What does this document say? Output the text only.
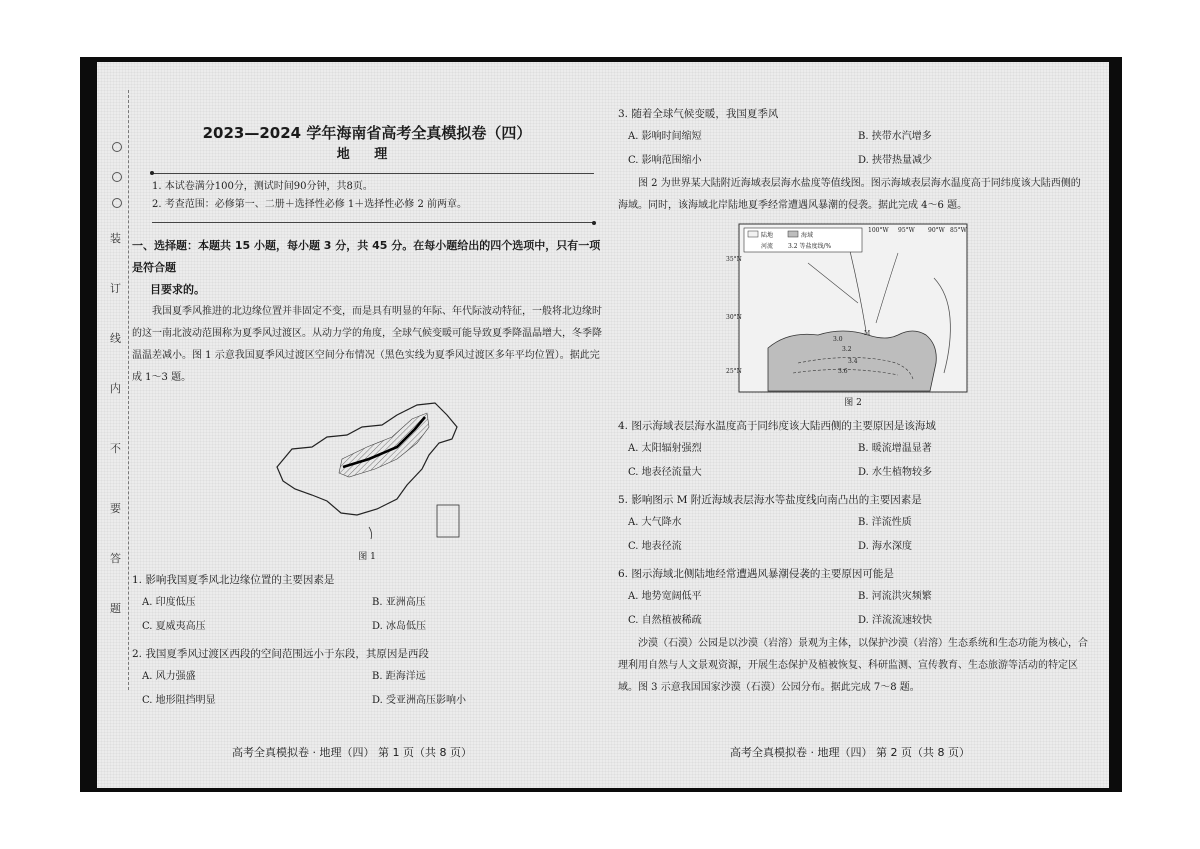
装
订
线
内
不
要
答
题
2023—2024 学年海南省高考全真模拟卷（四）
地 理
1. 本试卷满分100分，测试时间90分钟，共8页。
2. 考查范围：必修第一、二册＋选择性必修 1＋选择性必修 2 前两章。
一、选择题：本题共 15 小题，每小题 3 分，共 45 分。在每小题给出的四个选项中，只有一项是符合题
目要求的。

我国夏季风推进的北边缘位置并非固定不变，而是具有明显的年际、年代际波动特征，一般将北边缘时的这一南北波动范围称为夏季风过渡区。从动力学的角度，全球气候变暖可能导致夏季降温晶增大，冬季降温温差减小。图 1 示意我国夏季风过渡区空间分布情况（黑色实线为夏季风过渡区多年平均位置）。据此完成 1～3 题。

图 1
1. 影响我国夏季风北边缘位置的主要因素是
A. 印度低压	B. 亚洲高压
C. 夏威夷高压	D. 冰岛低压
2. 我国夏季风过渡区西段的空间范围远小于东段，其原因是西段
A. 风力强盛	B. 距海洋远
C. 地形阻挡明显	D. 受亚洲高压影响小
高考全真模拟卷 · 地理（四） 第 1 页（共 8 页）
3. 随着全球气候变暖，我国夏季风
A. 影响时间缩短	B. 挟带水汽增多
C. 影响范围缩小	D. 挟带热量减少

图 2 为世界某大陆附近海域表层海水盐度等值线图。图示海域表层海水温度高于同纬度该大陆西侧的海域。同时，该海域北岸陆地夏季经常遭遇风暴潮的侵袭。据此完成 4～6 题。

陆地	海域
河流 3.2 等盐度线/%
100°W 95°W 90°W 85°W
35°N
30°N
25°N
3.0
3.2
3.4
3.6
M
图 2
4. 图示海域表层海水温度高于同纬度该大陆西侧的主要原因是该海域
A. 太阳辐射强烈	B. 暖流增温显著
C. 地表径流量大	D. 水生植物较多
5. 影响图示 M 附近海域表层海水等盐度线向南凸出的主要因素是
A. 大气降水	B. 洋流性质
C. 地表径流	D. 海水深度
6. 图示海域北侧陆地经常遭遇风暴潮侵袭的主要原因可能是
A. 地势宽阔低平	B. 河流洪灾频繁
C. 自然植被稀疏	D. 洋流流速较快

沙漠（石漠）公园是以沙漠（岩溶）景观为主体，以保护沙漠（岩溶）生态系统和生态功能为核心，合理利用自然与人文景观资源，开展生态保护及植被恢复、科研监测、宣传教育、生态旅游等活动的特定区域。图 3 示意我国国家沙漠（石漠）公园分布。据此完成 7～8 题。

高考全真模拟卷 · 地理（四） 第 2 页（共 8 页）
